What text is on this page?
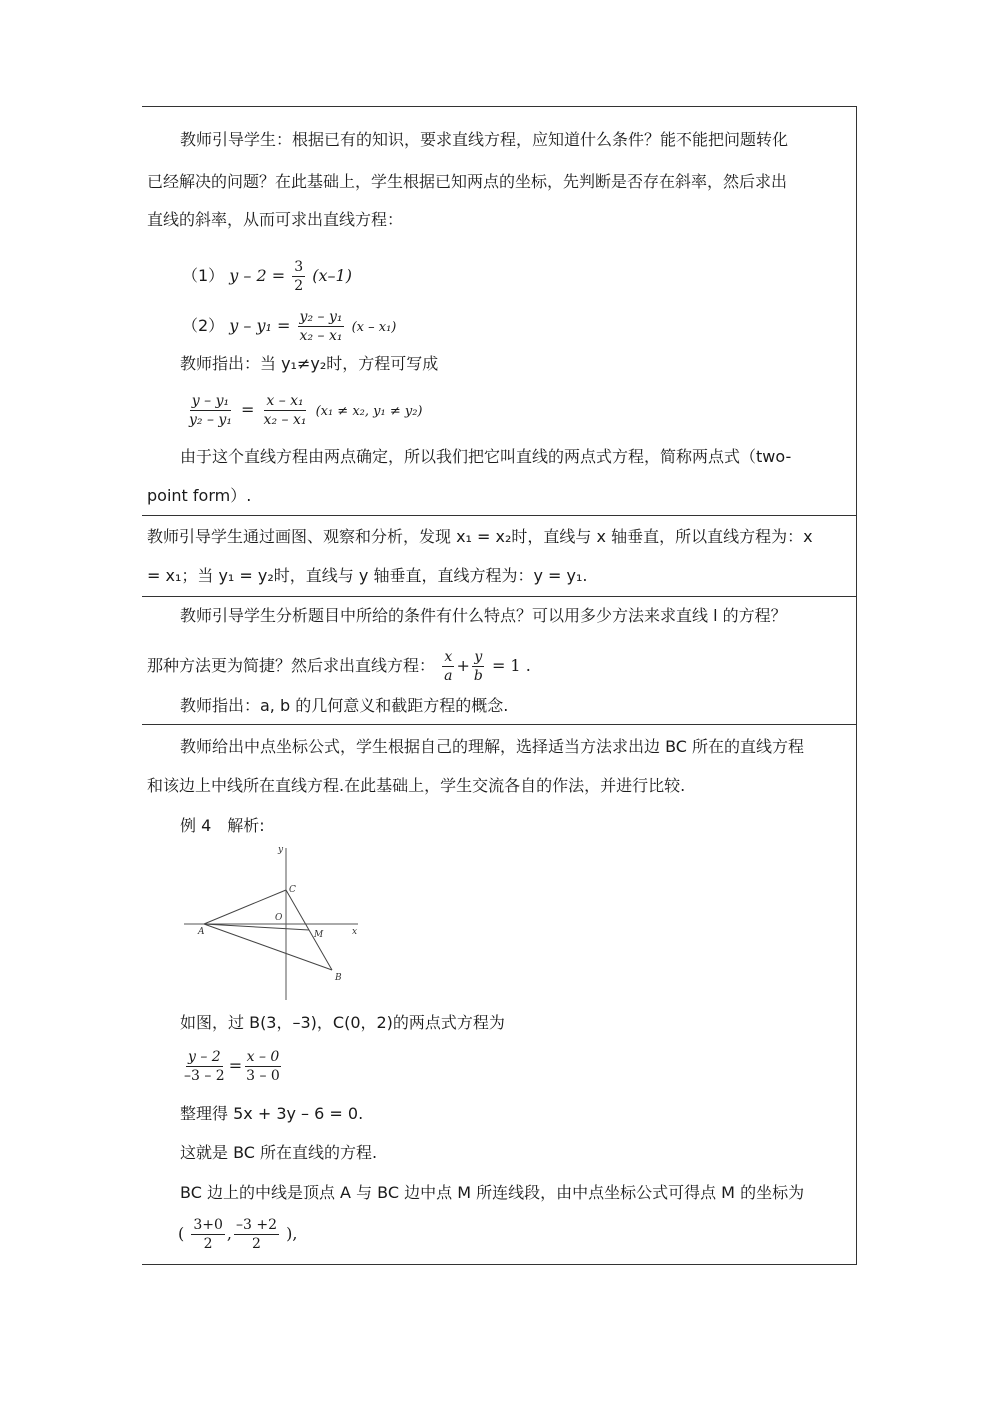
教师引导学生：根据已有的知识，要求直线方程，应知道什么条件？能不能把问题转化
已经解决的问题？在此基础上，学生根据已知两点的坐标，先判断是否存在斜率，然后求出
直线的斜率，从而可求出直线方程：
（1） $y - 2 = \frac{3}{2} (x-1)$
（2） $y - y_1 = \frac{\text{y₂ – y₁}}{\text{x₂ – x₁}} (x - x_1)$
教师指出：当 y₁≠y₂时，方程可写成
$\frac{\text{y – y₁}}{\text{y₂ – y₁}} = \frac{\text{x – x₁}}{\text{x₂ – x₁}} (x_1 \ne x_2$, y₁ ≠ y₂)
由于这个直线方程由两点确定，所以我们把它叫直线的两点式方程，简称两点式（two-
point form）.
教师引导学生通过画图、观察和分析，发现 x₁ = x₂时，直线与 x 轴垂直，所以直线方程为：x
= x₁；当 y₁ = y₂时，直线与 y 轴垂直，直线方程为：y = y₁.
教师引导学生分析题目中所给的条件有什么特点？可以用多少方法来求直线 l 的方程？
那种方法更为简捷？然后求出直线方程： $\frac{x}{a} + \frac{y}{b} = 1$ .
教师指出：a, b 的几何意义和截距方程的概念.
教师给出中点坐标公式，学生根据自己的理解，选择适当方法求出边 BC 所在的直线方程
和该边上中线所在直线方程.在此基础上，学生交流各自的作法，并进行比较.
例 4　解析:
y
x
A
B
C
O
M
如图，过 B(3，–3)，C(0，2)的两点式方程为
$\frac{y - 2}{-3 - 2} = \frac{x - 0}{3 - 0}$
整理得 5x + 3y – 6 = 0.
这就是 BC 所在直线的方程.
BC 边上的中线是顶点 A 与 BC 边中点 M 所连线段，由中点坐标公式可得点 M 的坐标为
( $\frac{3+0}{2}$ , $\frac{-3 +2}{2}$ ),
